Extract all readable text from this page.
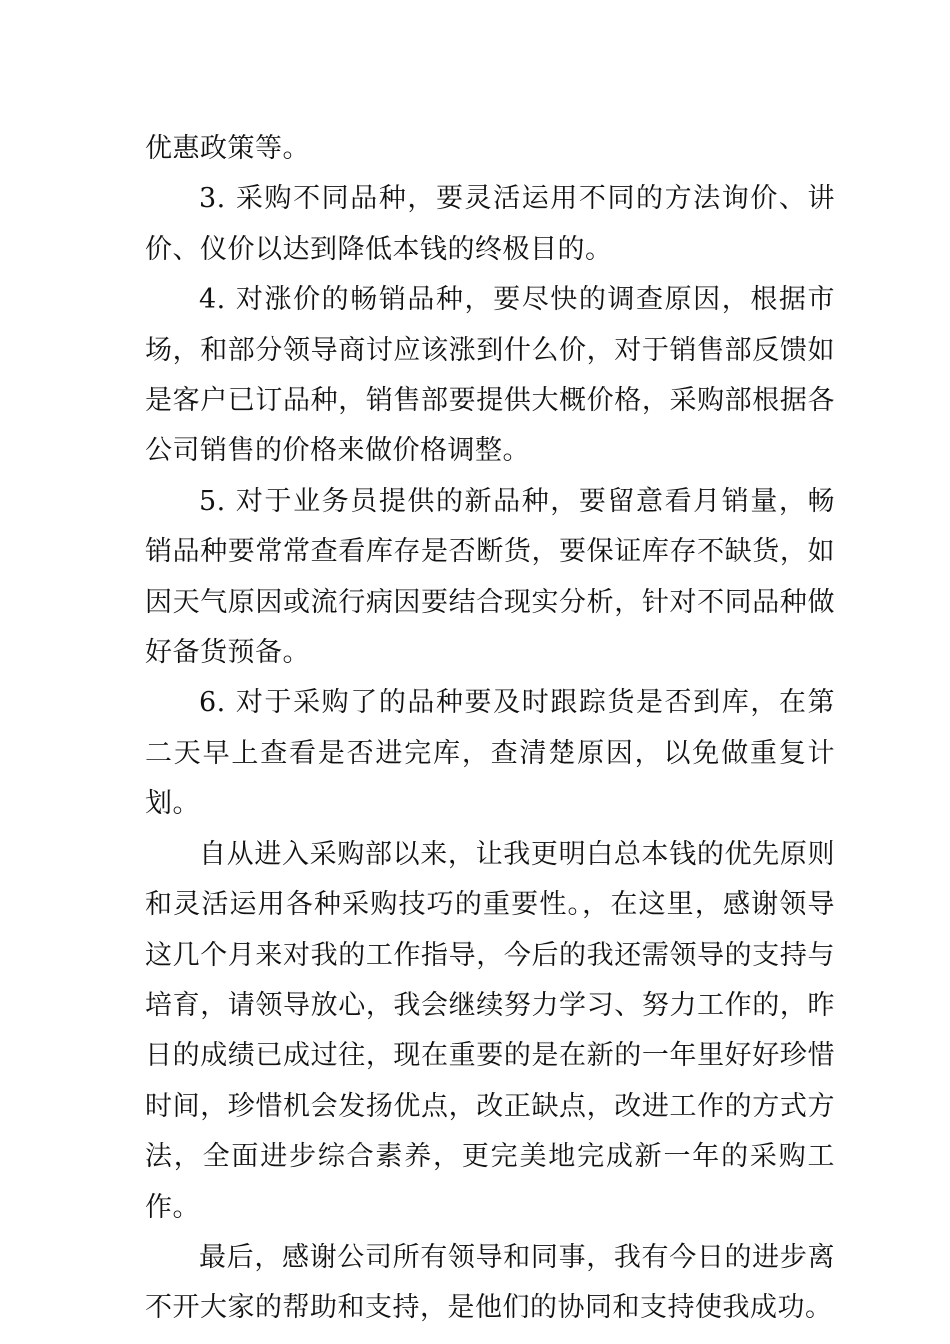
优惠政策等。

3. 采购不同品种，要灵活运用不同的方法询价、讲价、仪价以达到降低本钱的终极目的。

4. 对涨价的畅销品种，要尽快的调查原因，根据市场，和部分领导商讨应该涨到什么价，对于销售部反馈如是客户已订品种，销售部要提供大概价格，采购部根据各公司销售的价格来做价格调整。

5. 对于业务员提供的新品种，要留意看月销量，畅销品种要常常查看库存是否断货，要保证库存不缺货，如因天气原因或流行病因要结合现实分析，针对不同品种做好备货预备。

6. 对于采购了的品种要及时跟踪货是否到库，在第二天早上查看是否进完库，查清楚原因，以免做重复计划。

自从进入采购部以来，让我更明白总本钱的优先原则和灵活运用各种采购技巧的重要性。，在这里，感谢领导这几个月来对我的工作指导，今后的我还需领导的支持与培育，请领导放心，我会继续努力学习、努力工作的，昨日的成绩已成过往，现在重要的是在新的一年里好好珍惜时间，珍惜机会发扬优点，改正缺点，改进工作的方式方法，全面进步综合素养，更完美地完成新一年的采购工作。

最后，感谢公司所有领导和同事，我有今日的进步离不开大家的帮助和支持，是他们的协同和支持使我成功。
